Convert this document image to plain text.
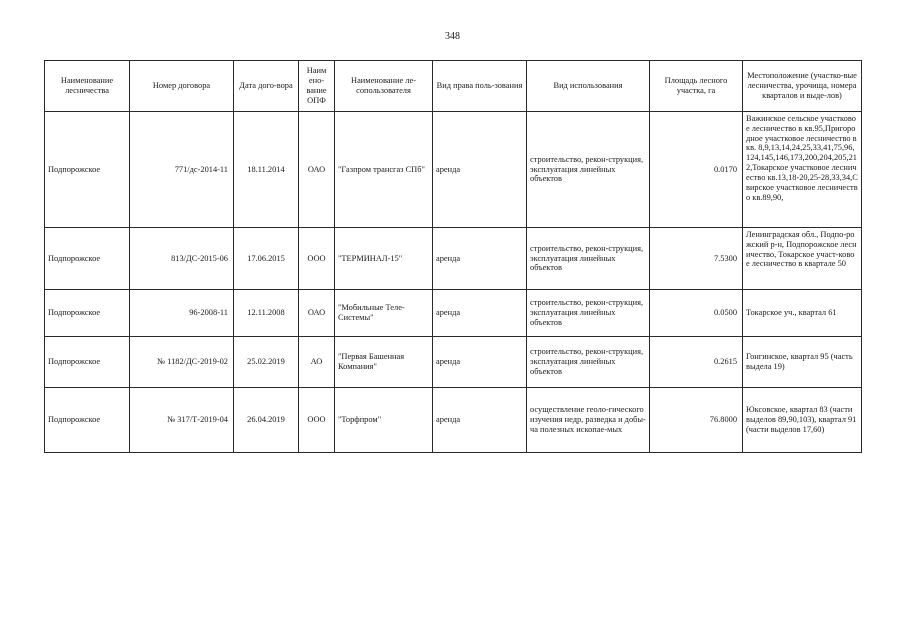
348
Наименование лесничества	Номер договора	Дата дого-вора	Наим ено-вание ОПФ	Наименование ле-сопользователя	Вид права поль-зования	Вид использования	Площадь лесного участка, га	Местоположение (участко-вые лесничества, урочища, номера кварталов и выде-лов)
Подпорожское	771/дс-2014-11	18.11.2014	ОАО	"Газпром трансгаз СПб"	аренда	строительство, рекон-струкция, эксплуатация линейных объектов	0.0170	Важинское сельское участковое лесничество в кв.95,Пригородное участковое лесничество в кв. 8,9,13,14,24,25,33,41,75,96,124,145,146,173,200,204,205,212,Токарское участковое лесничество кв.13,18-20,25-28,33,34,Свирское участковое лесничество кв.89,90,
Подпорожское	813/ДС-2015-06	17.06.2015	ООО	"ТЕРМИНАЛ-15"	аренда	строительство, рекон-струкция, эксплуатация линейных объектов	7.5300	Ленинградская обл., Подпо-рожский р-н, Подпорожское лесничество, Токарское участ-ковое лесничество в квартале 50
Подпорожское	96-2008-11	12.11.2008	ОАО	"Мобильные Теле-Системы"	аренда	строительство, рекон-струкция, эксплуатация линейных объектов	0.0500	Токарское уч., квартал 61
Подпорожское	№ 1182/ДС-2019-02	25.02.2019	АО	"Первая Башенная Компания"	аренда	строительство, рекон-струкция, эксплуатация линейных объектов	0.2615	Гонгинское, квартал 95 (часть выдела 19)
Подпорожское	№ 317/Т-2019-04	26.04.2019	ООО	"Торфпром"	аренда	осуществление геоло-гического изучения недр, разведка и добы-ча полезных ископае-мых	76.8000	Юксовское, квартал 83 (части выделов 89,90,103), квартал 91 (части выделов 17,60)
